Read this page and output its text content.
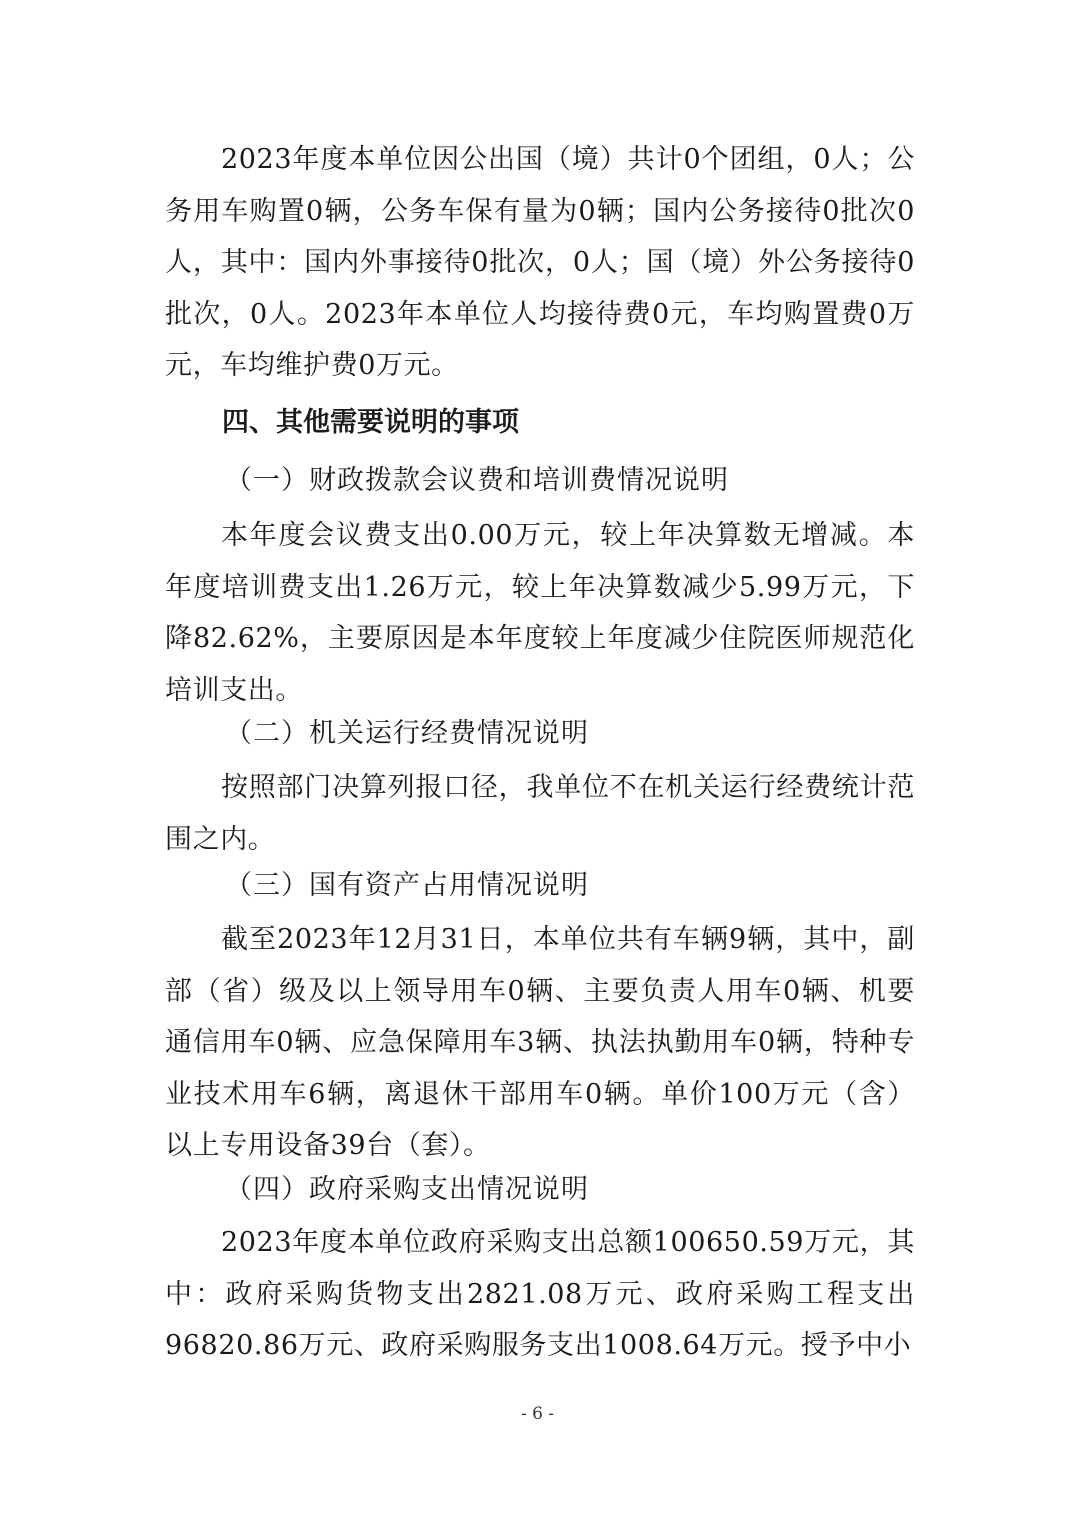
2023年度本单位因公出国（境）共计0个团组，0人；公务用车购置0辆，公务车保有量为0辆；国内公务接待0批次0人，其中：国内外事接待0批次，0人；国（境）外公务接待0批次，0人。2023年本单位人均接待费0元，车均购置费0万元，车均维护费0万元。

四、其他需要说明的事项

（一）财政拨款会议费和培训费情况说明

本年度会议费支出0.00万元，较上年决算数无增减。本年度培训费支出1.26万元，较上年决算数减少5.99万元，下降82.62%，主要原因是本年度较上年度减少住院医师规范化培训支出。

（二）机关运行经费情况说明

按照部门决算列报口径，我单位不在机关运行经费统计范围之内。

（三）国有资产占用情况说明

截至2023年12月31日，本单位共有车辆9辆，其中，副部（省）级及以上领导用车0辆、主要负责人用车0辆、机要通信用车0辆、应急保障用车3辆、执法执勤用车0辆，特种专业技术用车6辆，离退休干部用车0辆。单价100万元（含）以上专用设备39台（套）。

（四）政府采购支出情况说明

2023年度本单位政府采购支出总额100650.59万元，其中：政府采购货物支出2821.08万元、政府采购工程支出96820.86万元、政府采购服务支出1008.64万元。授予中小

- 6 -
